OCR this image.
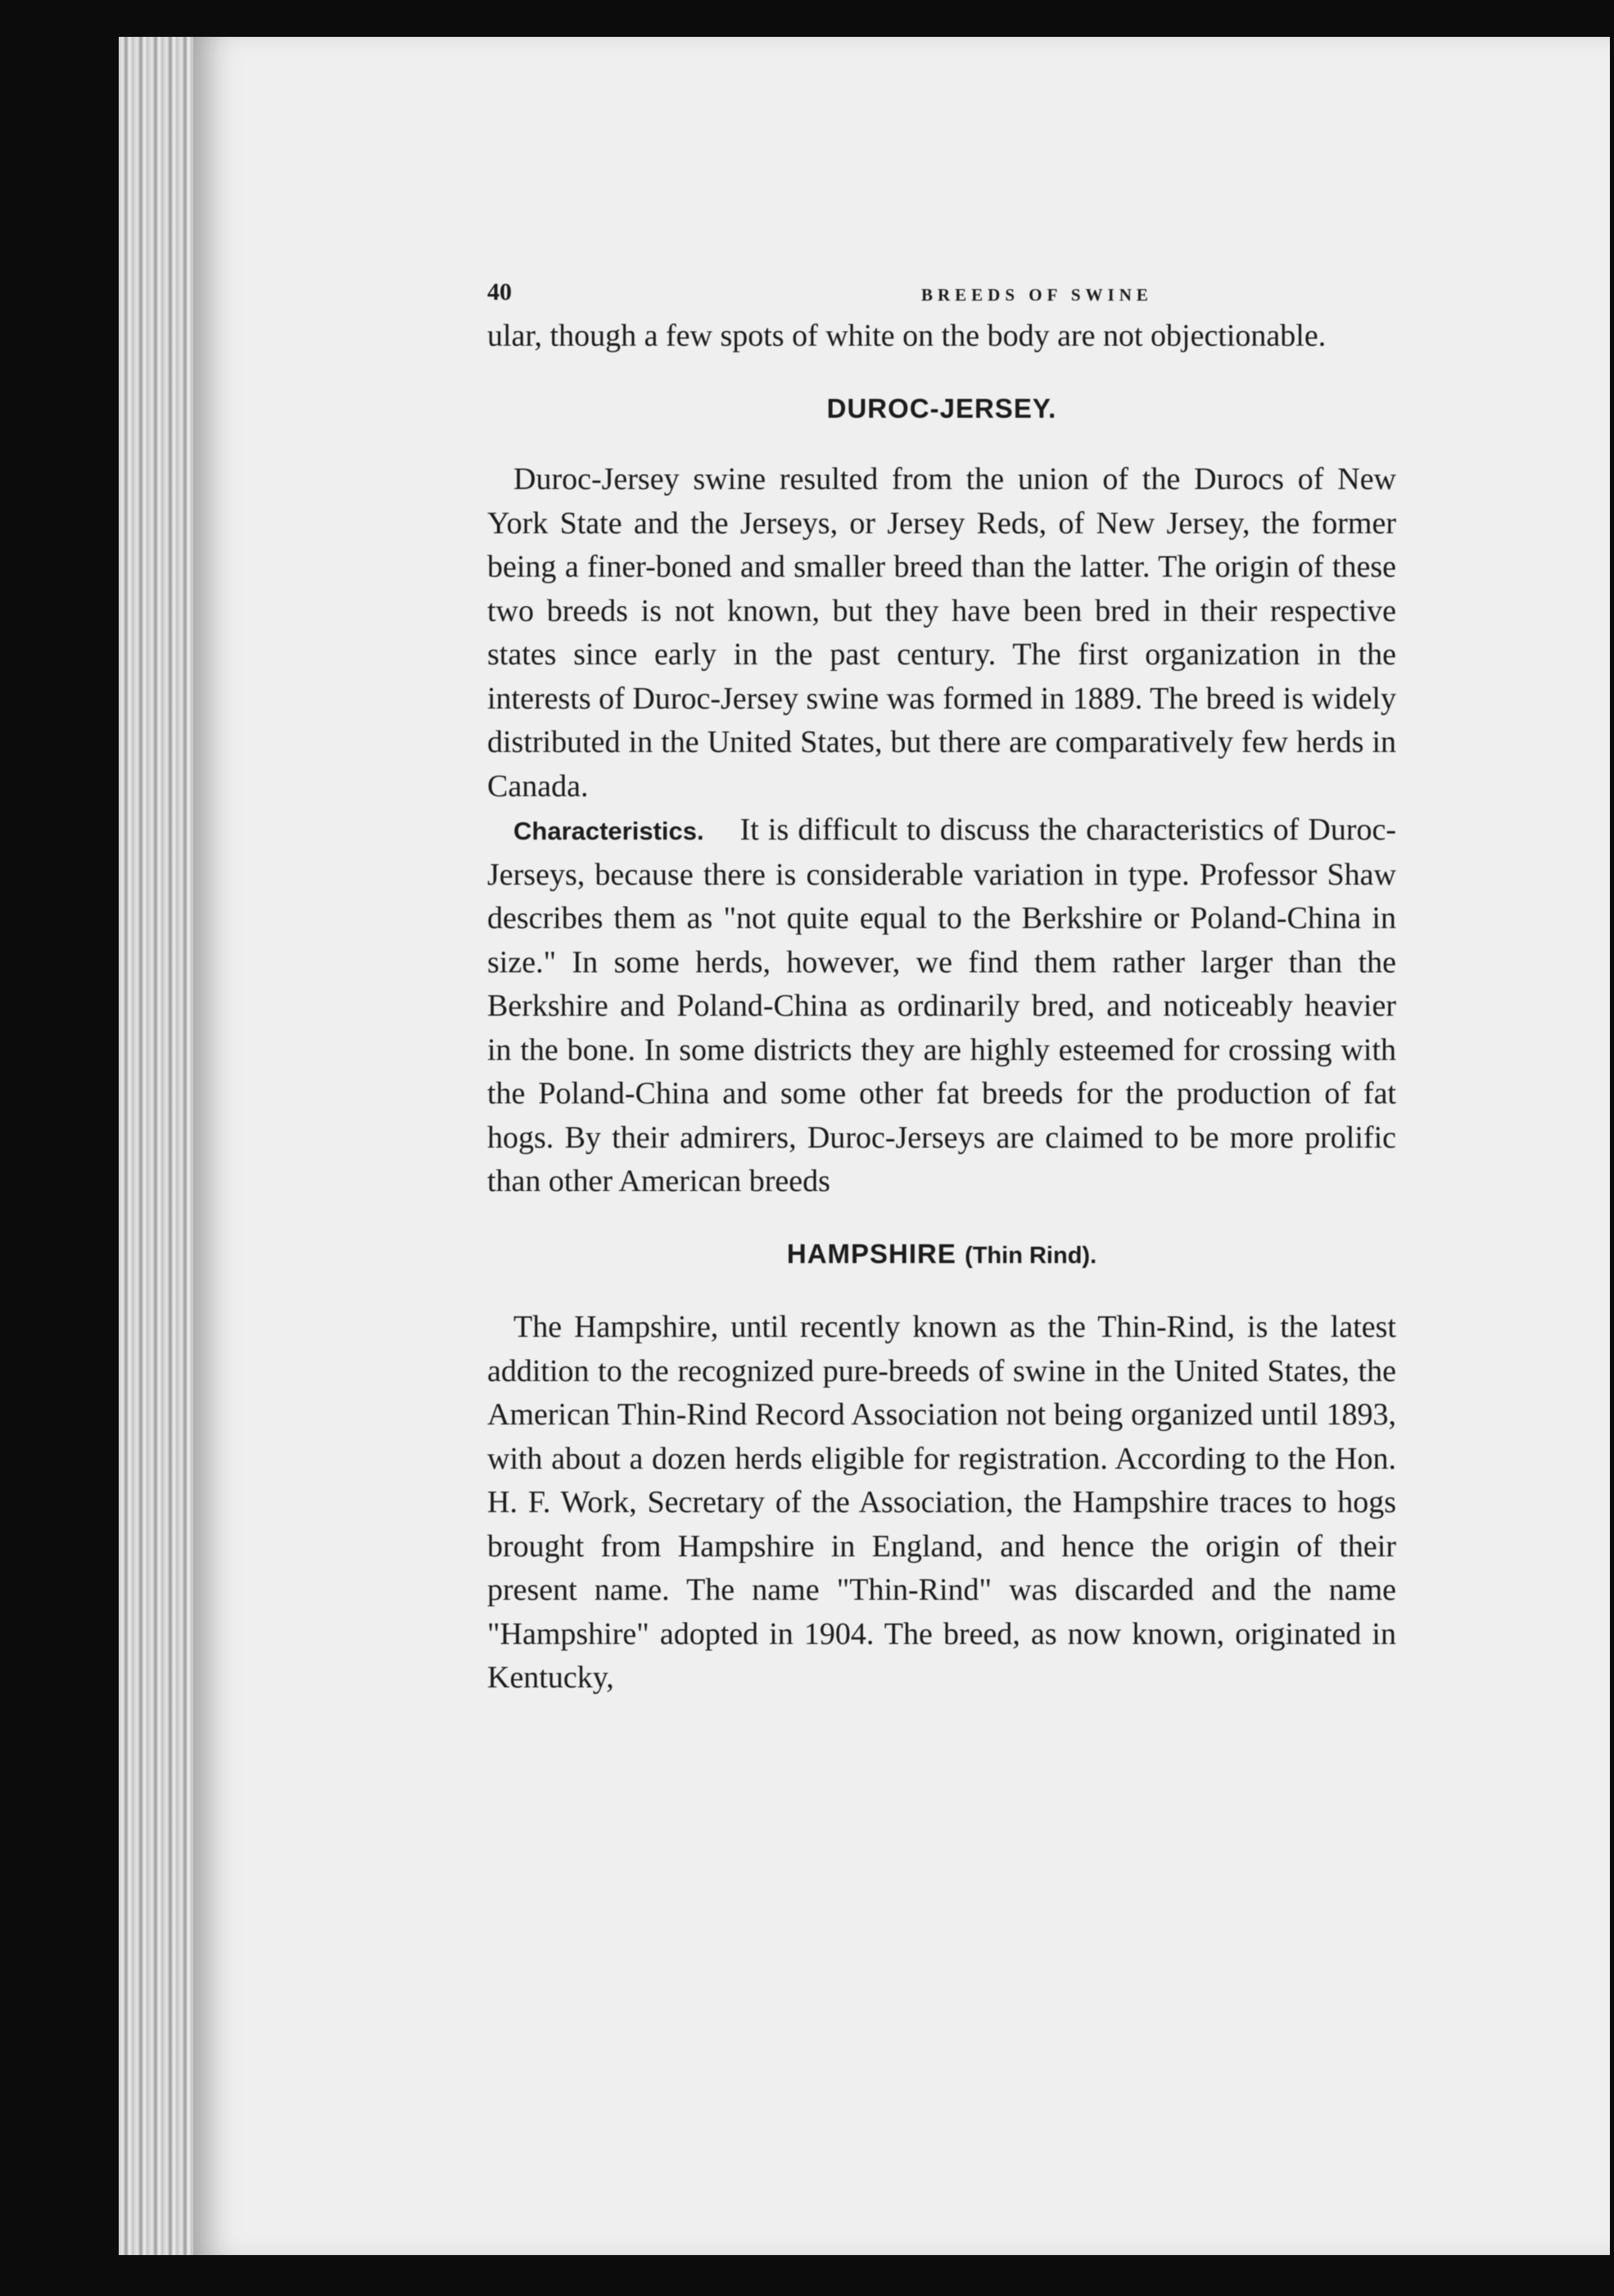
40	BREEDS OF SWINE

ular, though a few spots of white on the body are not objectionable.

DUROC-JERSEY.

Duroc-Jersey swine resulted from the union of the Durocs of New York State and the Jerseys, or Jersey Reds, of New Jersey, the former being a finer-boned and smaller breed than the latter. The origin of these two breeds is not known, but they have been bred in their respective states since early in the past century. The first organization in the interests of Duroc-Jersey swine was formed in 1889. The breed is widely distributed in the United States, but there are comparatively few herds in Canada.

Characteristics. It is difficult to discuss the characteristics of Duroc-Jerseys, because there is considerable variation in type. Professor Shaw describes them as "not quite equal to the Berkshire or Poland-China in size." In some herds, however, we find them rather larger than the Berkshire and Poland-China as ordinarily bred, and noticeably heavier in the bone. In some districts they are highly esteemed for crossing with the Poland-China and some other fat breeds for the production of fat hogs. By their admirers, Duroc-Jerseys are claimed to be more prolific than other American breeds

HAMPSHIRE (Thin Rind).

The Hampshire, until recently known as the Thin-Rind, is the latest addition to the recognized pure-breeds of swine in the United States, the American Thin-Rind Record Association not being organized until 1893, with about a dozen herds eligible for registration. According to the Hon. H. F. Work, Secretary of the Association, the Hampshire traces to hogs brought from Hampshire in England, and hence the origin of their present name. The name "Thin-Rind" was discarded and the name "Hampshire" adopted in 1904. The breed, as now known, originated in Kentucky,
